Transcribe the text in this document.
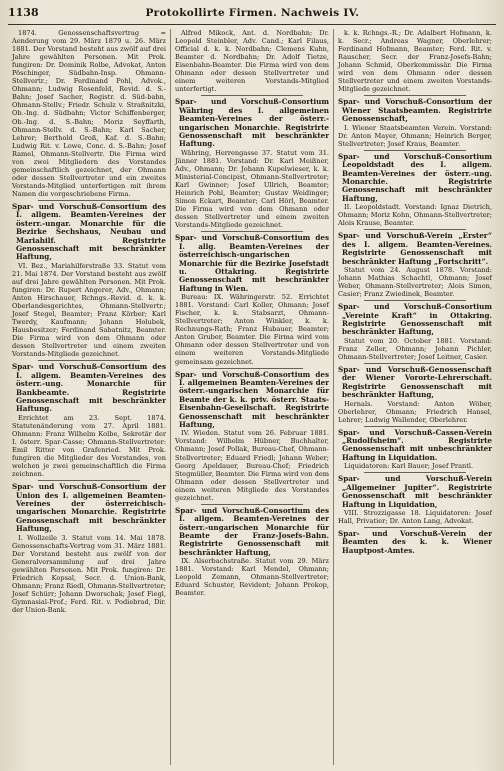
1138	Protokollirte Firmen. Nachweis IV.
1874. Genossenschaftsvertrag = Aenderung vom 29. März 1879 u. 26. März 1881. Der Vorstand besteht aus zwölf auf drei Jahre gewählten Personen. Mit Prok. fungiren: Dr. Dominik Rolbe, Advokat, Anton Pöschinger, Südbahn-Insp. Ohmann-Stellvertr.; Dr. Ferdinand Pohl, Advok., Ohmann; Ludwig Rosenfeld, Revid. d. S.-Bahn; Josef Sacher, Registr. d. Süd-bahn, Ohmann-Stellv.; Friedr. Schulz v. Straßnitzki, Ob.-Ing. d. Südbahn; Victor Schiffenberger, Ob.-Ing. d. S.-Bahn; Moriz Seyffarth, Ohmann-Stellv. d. S.-Bahn; Karl Sacher, Lehrer; Berthold Groß, Kaf. d. S.-Bahn; Ludwig Rit. v. Lowe, Conc. d. S.-Bahn; Josef Ramel, Ohmann-Stellvertr. Die Firma wird von zwei Mitgliedern des Vorstandes gemeinschaftlich gezeichnet, der Ohmann oder dessen Stellvertreter und ein zweites Vorstands-Mitglied unterfertigen mit ihrem Namen die vorgeschriebene Firma.
Spar- und Vorschuß-Consortium des I. allgem. Beamten-Vereines der österr.-ungar. Monarchie für die Bezirke Sechshaus, Neubau und Mariahilf. Registrirte Genossenschaft mit beschränkter Haftung,
VI. Bez., Mariahilferstraße 33. Statut vom 21. Mai 1874. Der Vorstand besteht aus zwölf auf drei Jahre gewählten Personen. Mit Prok. fungiren: Dr. Rupert Angerer, Adv., Ohmann; Anton Hirschauer, Rchngs.-Revid. d. k. k. Oberlandesgerichtes, Ohmann-Stellvertr.; Josef Stegel, Beamter; Franz Körber; Karl Twerdy, Kaufmann; Johann Holubek, Hausbesitzer; Ferdinand Sabatnitz, Beamter. Die Firma wird von dem Ohmann oder dessen Stellvertreter und einem zweiten Vorstands-Mitgliede gezeichnet.
Spar- und Vorschuß-Consortium des I. allgem. Beamten-Vereines des österr.-ung. Monarchie für Bankbeamte. Registrirte Genossenschaft mit beschränkter Haftung.
Errichtet am 23. Sept. 1874. Statutenänderung vom 27. April 1881. Ohmann: Franz Wilhelm Kolbe, Sekretär der I. österr. Spar-Casse; Ohmann-Stellvertreter: Emil Ritter von Grafenried. Mit Prok. fungiren die Mitglieder des Vorstandes, von welchen je zwei gemeinschaftlich die Firma zeichnen.
Spar- und Vorschuß-Consortium der Union des I. allgemeinen Beamten-Vereines der österreichisch-ungarischen Monarchie. Registrirte Genossenschaft mit beschränkter Haftung,
I. Wollzeile 3. Statut vom 14. Mai 1878. Genossenschafts-Vertrag vom 31. März 1881. Der Vorstand besteht aus zwölf von der Generalversammlung auf drei Jahre gewählten Personen. Mit Prok. fungiren: Dr. Friedrich Kopsal, Secr. d. Union-Bank, Ohmann; Franz Riedl, Ohmann-Stellvertreter; Josef Schürr; Johann Dworschak; Josef Fiegl, Gymnasial-Prof.; Ferd. Rit. v. Podiebrad, Dir. der Union-Bank.
Alfred Mikock, Ant. d. Nordbahn; Dr. Leopold Steinbler, Adv. Cand.; Karl Filaus, Official d. k. k. Nordbahn; Clemens Kuhn, Beamter d. Nordbahn; Dr. Adolf Tietze, Eisenbahn-Beamter. Die Firma wird von dem Ohmann oder dessen Stellvertreter und einem weiteren Vorstands-Mitglied unterfertigt.
Spar- und Vorschuß-Consortium Währing des I. allgemeinen Beamten-Vereines der österr.-ungarischen Monarchie. Registrirte Genossenschaft mit beschränkter Haftung.
Währing, Herrengasse 37. Statut vom 31. Jänner 1881. Vorstand: Dr. Karl Meißner, Adv., Ohmann; Dr. Johann Kupelwieser, k. k. Ministerial-Concipist, Ohmann-Stellvertreter; Karl Gwinner; Josef Ullrich, Beamter; Heinrich Pohl, Beamter; Gustav Weidinger; Simon Eckart, Beamter; Carl Hörl, Beamter. Die Firma wird von dem Ohmann oder dessen Stellvertreter und einem zweiten Vorstands-Mitgliede gezeichnet.
Spar- und Vorschuß-Consortium des I. allg. Beamten-Vereines der österreichisch-ungarischen Monarchie für die Bezirke Josefstadt u. Ottakring. Registrirte Genossenschaft mit beschränkter Haftung in Wien.
Bureau: IX. Währingerstr. 52. Errichtet 1881. Vorstand: Carl Koller, Ohmann; Josef Fischer, k. k. Stabsarzt, Ohmann-Stellvertreter; Anton Winkler, k. k. Rechnungs-Rath; Franz Hubauer, Beamter; Anton Gruber, Beamter. Die Firma wird vom Ohmann oder dessen Stellvertreter und von einem weiteren Vorstands-Mitgliede gemeinsam gezeichnet.
Spar- und Vorschuß-Consortium des I. allgemeinen Beamten-Vereines der österr.-ungarischen Monarchie für Beamte der k. k. priv. österr. Staats-Eisenbahn-Gesellschaft. Registrirte Genossenschaft mit beschränkter Haftung,
IV. Wieden. Statut vom 26. Februar 1881. Vorstand: Wilhelm Hübner, Buchhalter, Ohmann; Josef Pollak, Bureau-Chef, Ohmann-Stellvertreter; Eduard Friedl; Johann Weber; Georg Apeldauer, Bureau-Chef; Friedrich Stegmüller, Beamter. Die Firma wird von dem Ohmann oder dessen Stellvertreter und einem weiteren Mitgliede des Vorstandes gezeichnet.
Spar- und Vorschuß-Consortium des I. allgem. Beamten-Vereines der österr.-ungarischen Monarchie für Beamte der Franz-Josefs-Bahn. Registrirte Genossenschaft mit beschränkter Haftung,
IX. Alserbachstraße. Statut vom 29. März 1881. Vorstand: Karl Mendel, Ohmann; Leopold Zemann, Ohmann-Stellvertreter; Eduard Schuster, Revident; Johann Prokop, Beamter.
k. k. Rchngs.-R.; Dr. Adalbert Hofmann, k. k. Secr.; Andreas Wagner, Oberlehrer; Ferdinand Hofmann, Beamter; Ferd. Rit. v. Rauscher, Secr. der Franz-Josefs-Bahn; Johann Schmid, Oberkommissär. Die Firma wird von dem Ohmann oder dessen Stellvertreter und einem zweiten Vorstands-Mitgliede gezeichnet.
Spar- und Vorschuß-Consortium der Wiener Staatsbeamten. Registrirte Genossenschaft,
I. Wiener Staatsbeamten Verein. Vorstand: Dr. Anton Mayer, Ohmann; Heinrich Berger, Stellvertreter; Josef Kraus, Beamter.
Spar- und Vorschuß-Consortium Leopoldstadt des I. allgem. Beamten-Vereines der österr.-ung. Monarchie. Registrirte Genossenschaft mit beschränkter Haftung,
II. Leopoldstadt. Vorstand: Ignaz Dietrich, Ohmann; Moriz Kohn, Ohmann-Stellvertreter; Alois Krause, Beamter.
Spar- und Vorschuß-Verein „Erster“ des I. allgem. Beamten-Vereines. Registrirte Genossenschaft mit beschränkter Haftung „Fortschritt“.
Statut vom 24. August 1878. Vorstand: Johann Mathias Schachtl, Ohmann; Josef Weber, Ohmann-Stellvertreter; Alois Simon, Casier; Franz Zwiedinek, Beamter.
Spar- und Vorschuß-Consortium „Vereinte Kraft“ in Ottakring. Registrirte Genossenschaft mit beschränkter Haftung,
Statut vom 20. October 1881. Vorstand: Franz Zeller, Ohmann; Johann Pichler, Ohmann-Stellvertreter; Josef Leitner, Casier.
Spar- und Vorschuß-Genossenschaft der Wiener Vororte-Lehrerschaft. Registrirte Genossenschaft mit beschränkter Haftung,
Hernals. Vorstand: Anton Wöber, Oberlehrer, Ohmann; Friedrich Hansel, Lehrer; Ludwig Wallender, Oberlehrer.
Spar- und Vorschuß-Cassen-Verein „Rudolfsheim“. Registrirte Genossenschaft mit unbeschränkter Haftung in Liquidation.
Liquidatoren: Karl Bauer; Josef Prantl.
Spar- und Vorschuß-Verein „Allgemeiner Jupiter“. Registrirte Genossenschaft mit beschränkter Haftung in Liquidation,
VIII. Strozzigasse 18. Liquidatoren: Josef Hall, Privatier; Dr. Anton Lang, Advokat.
Spar- und Vorschuß-Verein der Beamten des k. k. Wiener Hauptpost-Amtes.
